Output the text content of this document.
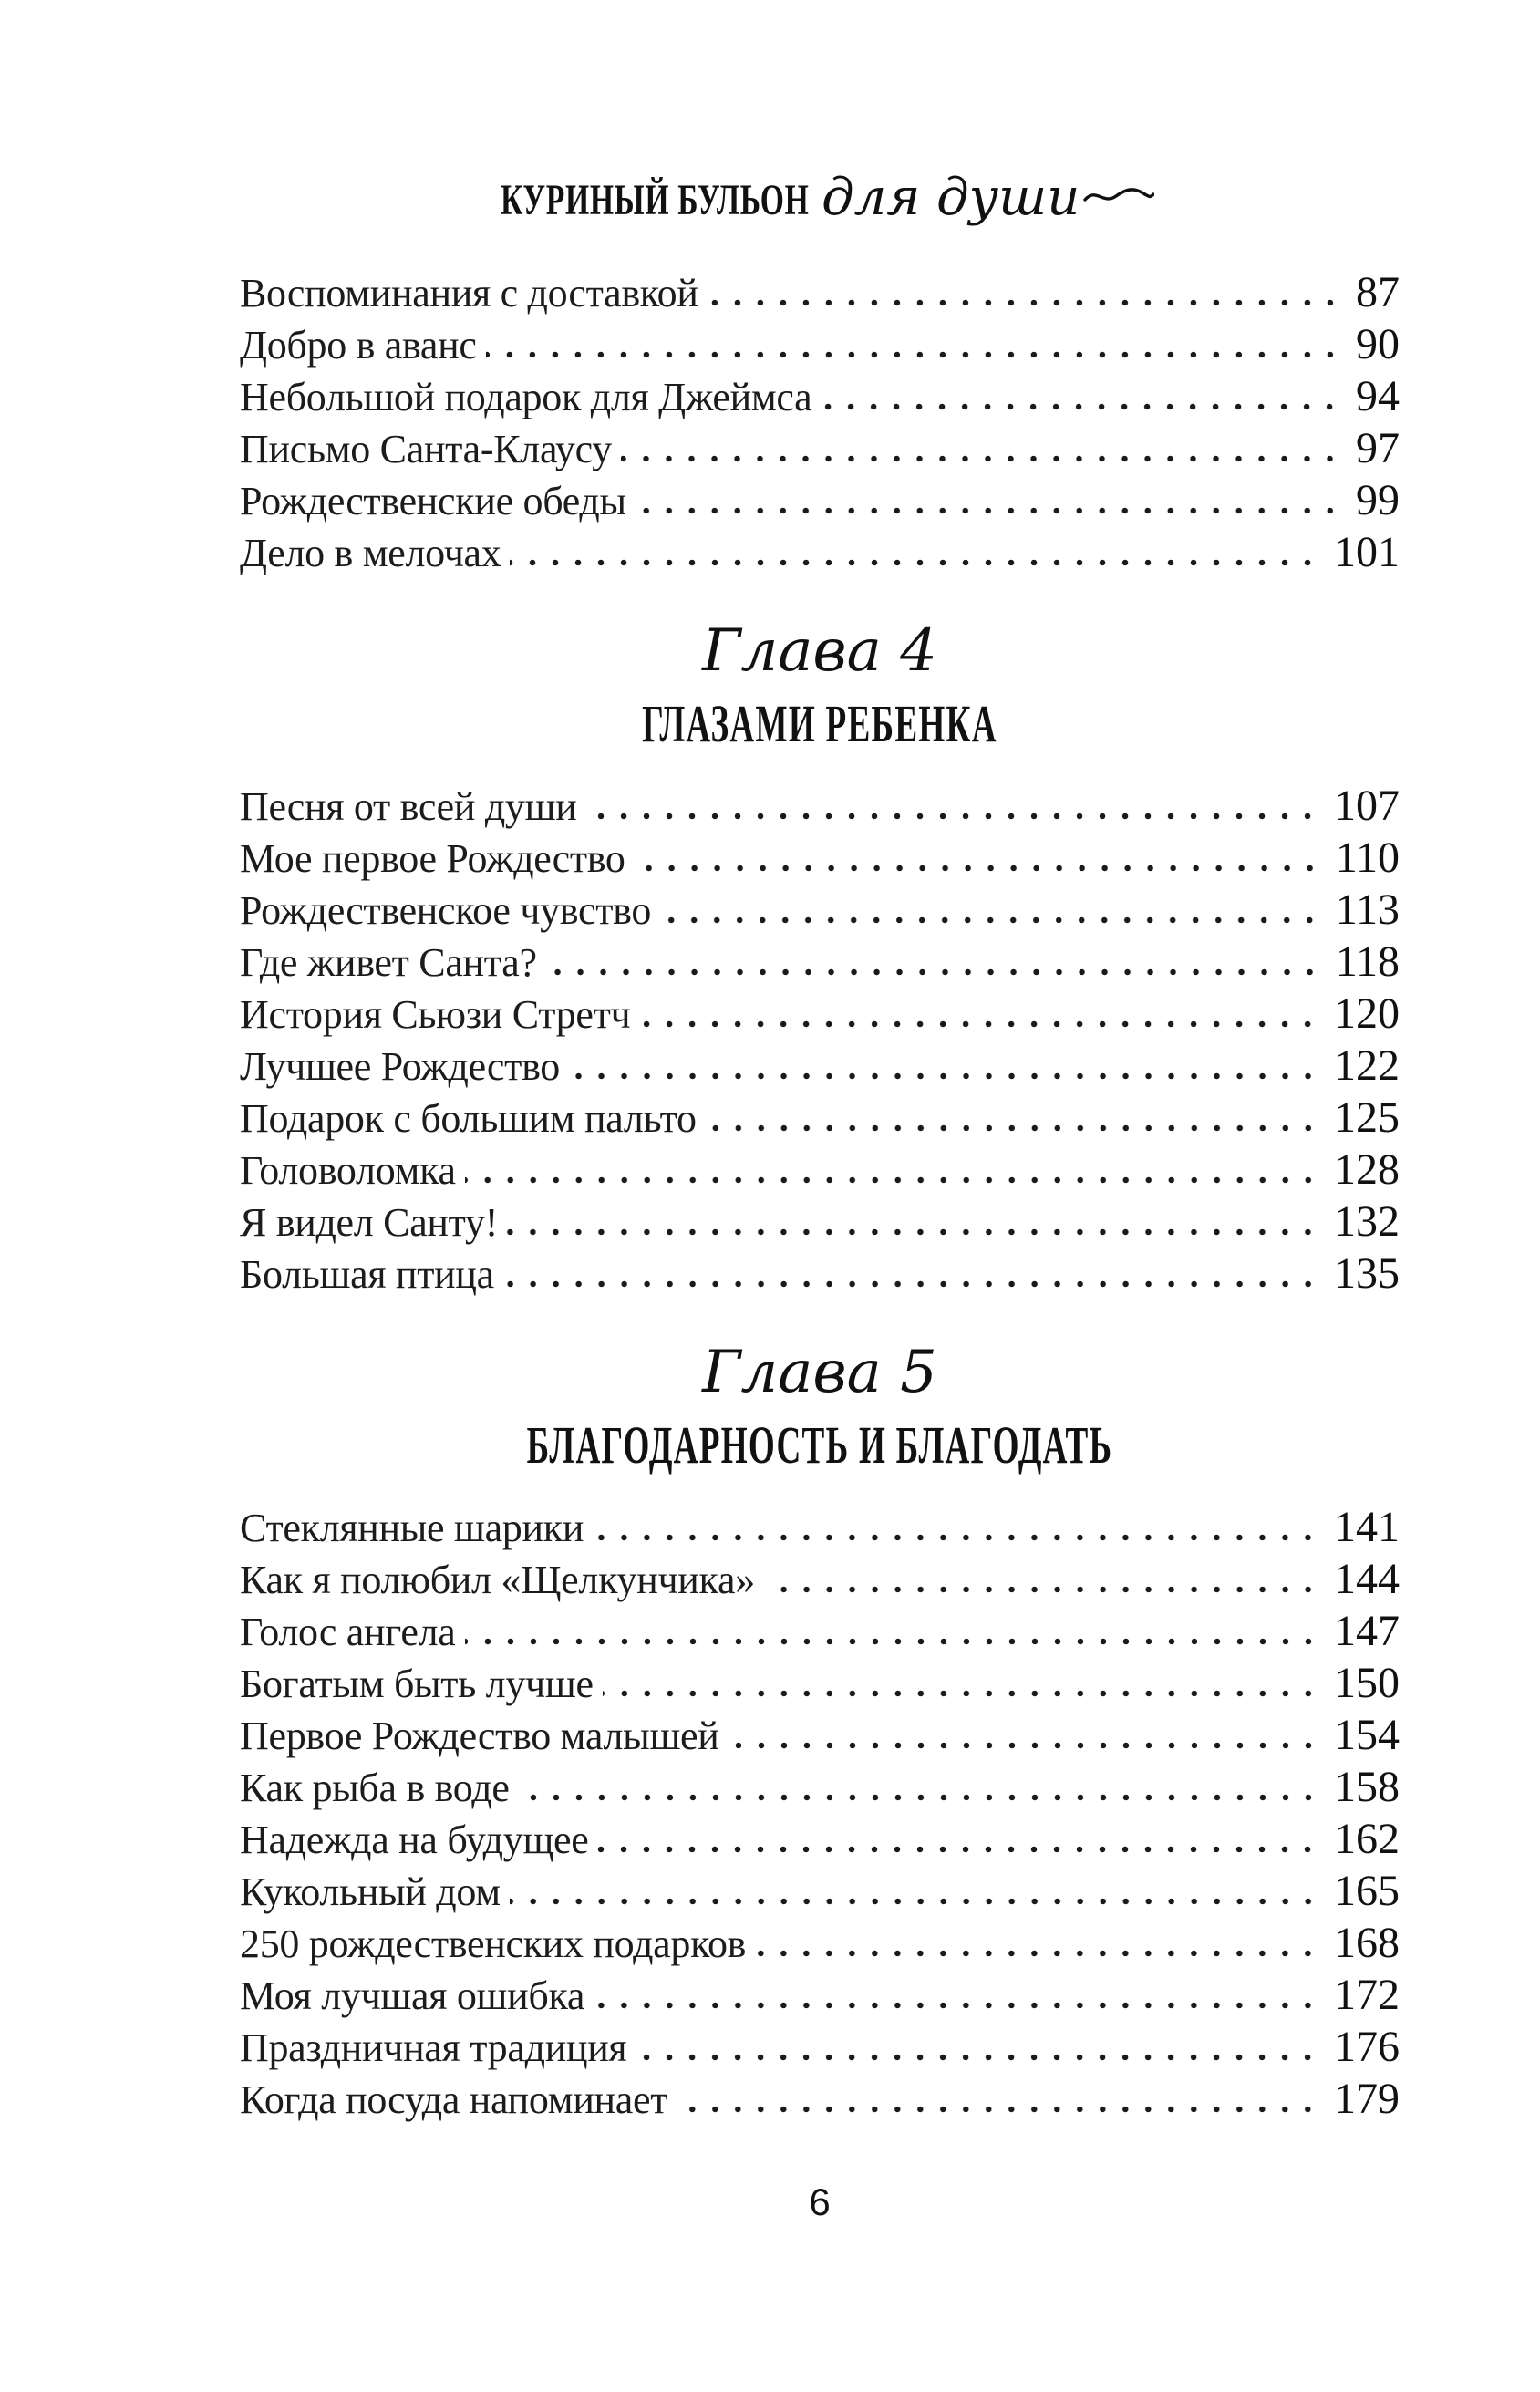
КУРИНЫЙ БУЛЬОН для души
Воспоминания с доставкой	87
Добро в аванс	90
Небольшой подарок для Джеймса	94
Письмо Санта-Клаусу	97
Рождественские обеды	99
Дело в мелочах	101
Глава 4
ГЛАЗАМИ РЕБЕНКА
Песня от всей души	107
Мое первое Рождество	110
Рождественское чувство	113
Где живет Санта?	118
История Сьюзи Стретч	120
Лучшее Рождество	122
Подарок с большим пальто	125
Головоломка	128
Я видел Санту!	132
Большая птица	135
Глава 5
БЛАГОДАРНОСТЬ И БЛАГОДАТЬ
Стеклянные шарики	141
Как я полюбил «Щелкунчика»	144
Голос ангела	147
Богатым быть лучше	150
Первое Рождество малышей	154
Как рыба в воде	158
Надежда на будущее	162
Кукольный дом	165
250 рождественских подарков	168
Моя лучшая ошибка	172
Праздничная традиция	176
Когда посуда напоминает	179
6
